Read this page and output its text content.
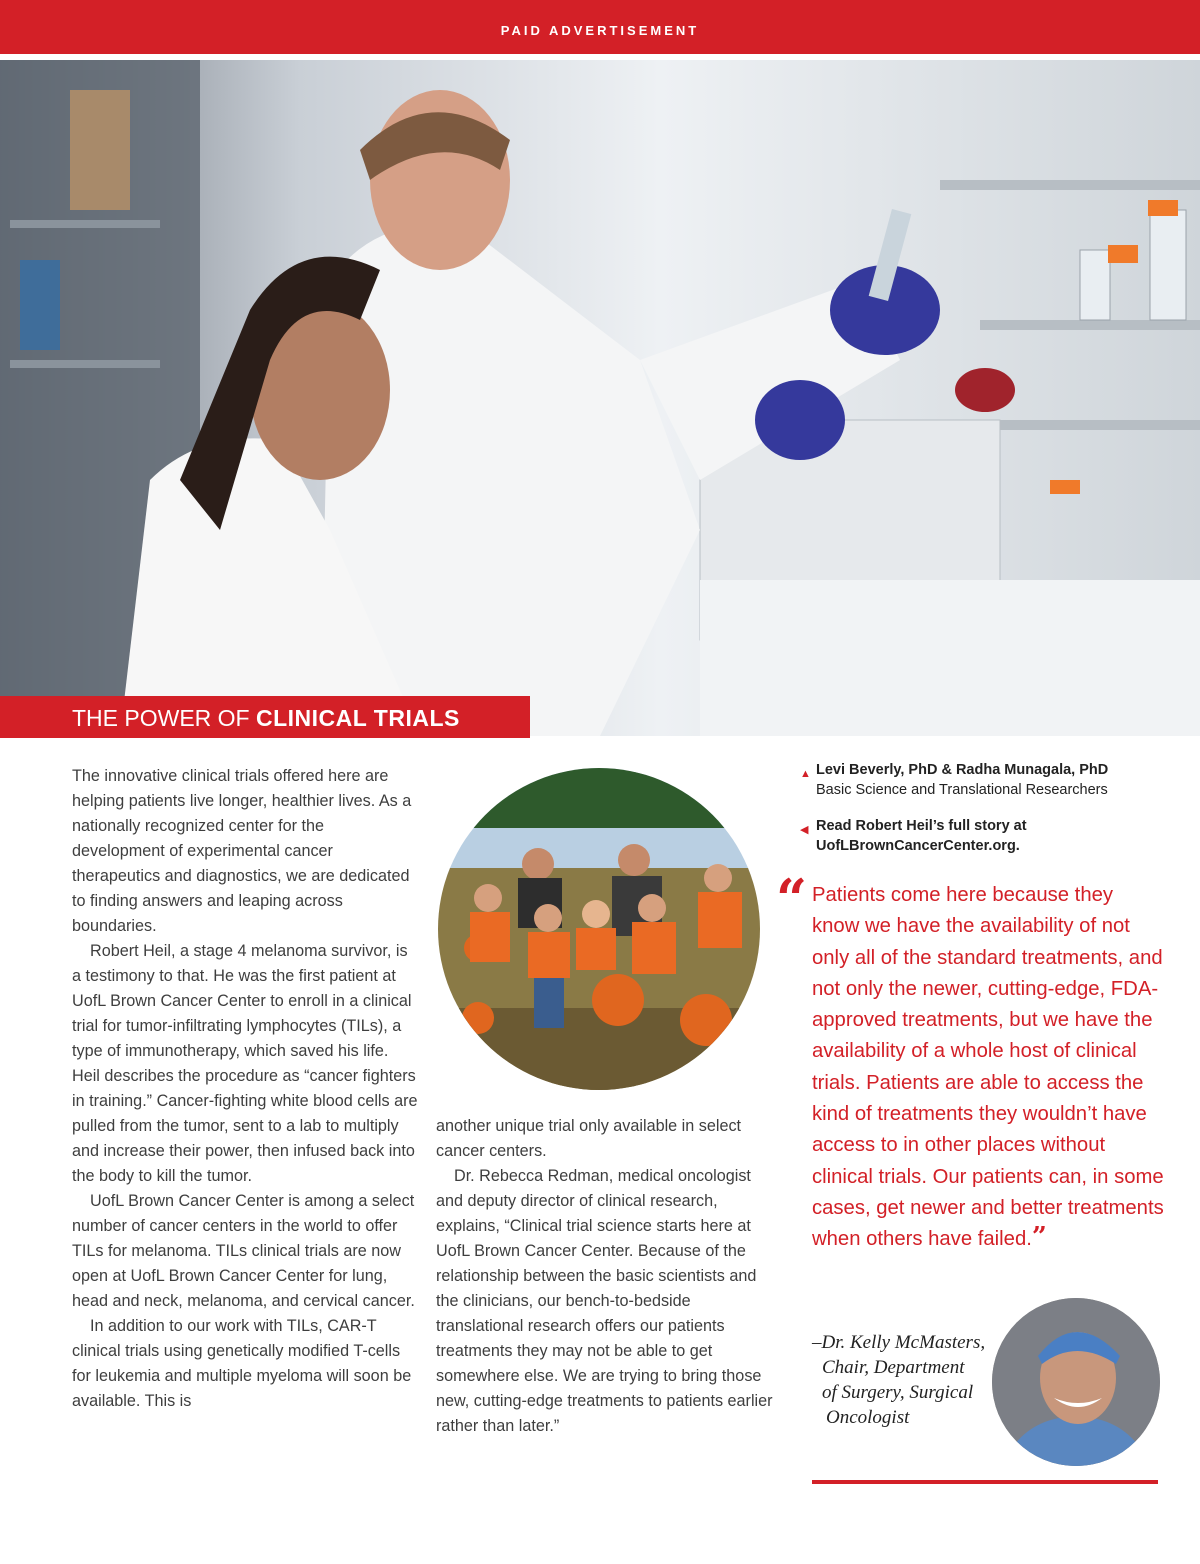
PAID ADVERTISEMENT
THE POWER OF CLINICAL TRIALS

The innovative clinical trials offered here are helping patients live longer, healthier lives. As a nationally recognized center for the development of experimental cancer therapeutics and diagnostics, we are dedicated to finding answers and leaping across boundaries.

Robert Heil, a stage 4 melanoma survivor, is a testimony to that. He was the first patient at UofL Brown Cancer Center to enroll in a clinical trial for tumor-infiltrating lymphocytes (TILs), a type of immunotherapy, which saved his life.

Heil describes the procedure as “cancer fighters in training.” Cancer-fighting white blood cells are pulled from the tumor, sent to a lab to multiply and increase their power, then infused back into the body to kill the tumor.

UofL Brown Cancer Center is among a select number of cancer centers in the world to offer TILs for melanoma. TILs clinical trials are now open at UofL Brown Cancer Center for lung, head and neck, melanoma, and cervical cancer.

In addition to our work with TILs, CAR-T clinical trials using genetically modified T-cells for leukemia and multiple myeloma will soon be available. This is

another unique trial only available in select cancer centers.

Dr. Rebecca Redman, medical oncologist and deputy director of clinical research, explains, “Clinical trial science starts here at UofL Brown Cancer Center. Because of the relationship between the basic scientists and the clinicians, our bench-to-bedside translational research offers our patients treatments they may not be able to get somewhere else. We are trying to bring those new, cutting-edge treatments to patients earlier rather than later.”

▲ Levi Beverly, PhD & Radha Munagala, PhD
Basic Science and Translational Researchers
◀ Read Robert Heil’s full story at
UofLBrownCancerCenter.org.
“ Patients come here because they know we have the availability of not only all of the standard treatments, and not only the newer, cutting-edge, FDA-approved treatments, but we have the availability of a whole host of clinical trials. Patients are able to access the kind of treatments they wouldn’t have access to in other places without clinical trials. Our patients can, in some cases, get newer and better treatments when others have failed.”
–Dr. Kelly McMasters,
Chair, Department
of Surgery, Surgical
Oncologist
